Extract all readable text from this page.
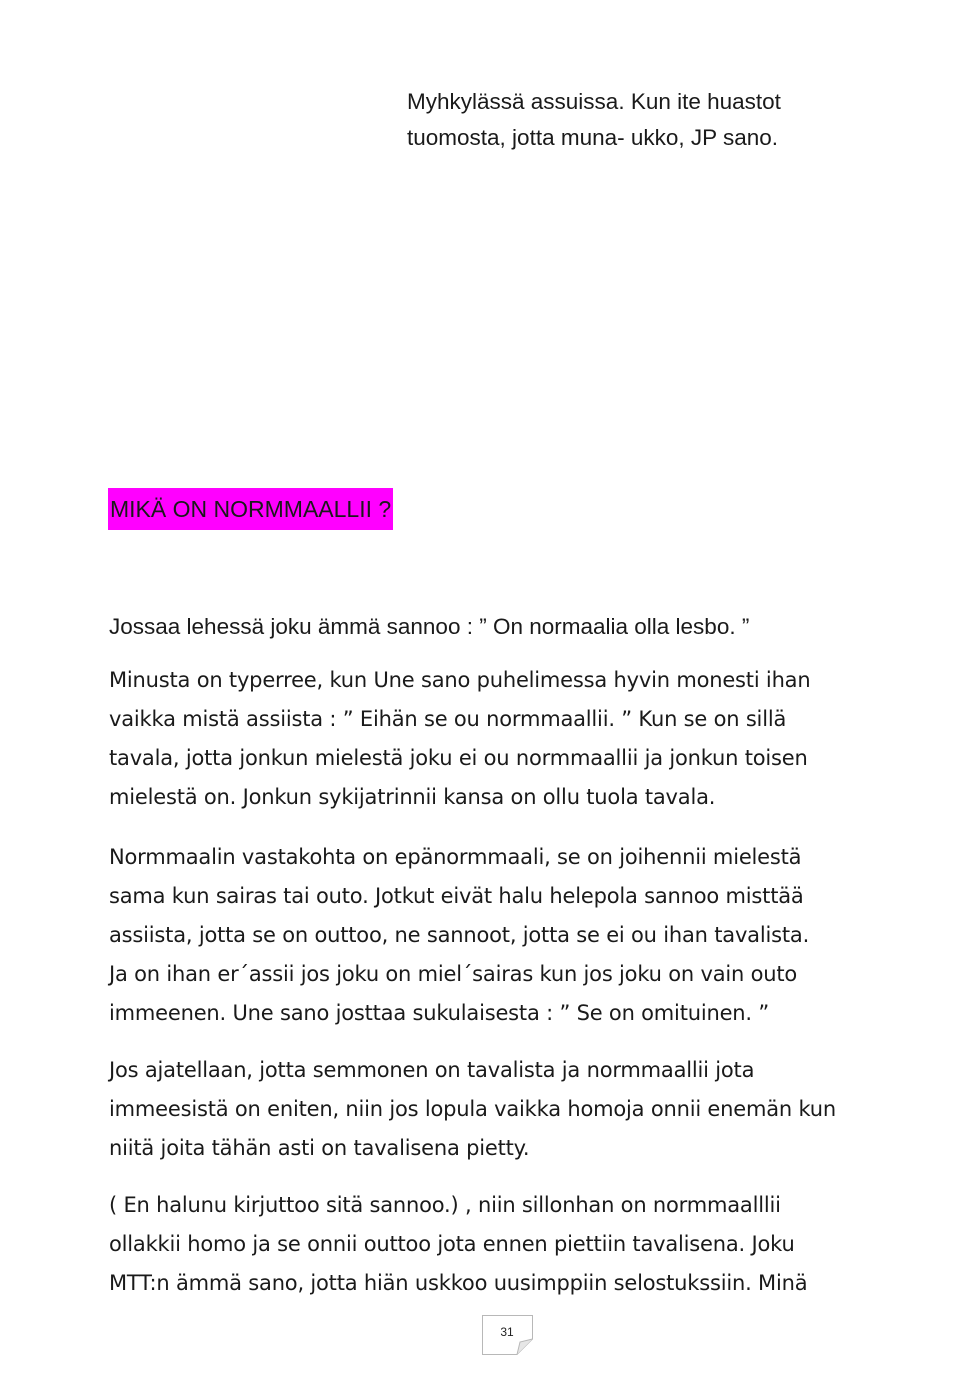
Myhkylässä assuissa. Kun ite huastot

tuomosta, jotta muna- ukko, JP sano.

MIKÄ ON NORMMAALLII ?

Jossaa lehessä joku ämmä sannoo : ” On normaalia olla lesbo. ”

Minusta on typerree, kun Une sano puhelimessa hyvin monesti ihan

vaikka mistä assiista : ” Eihän se ou normmaallii. ” Kun se on sillä

tavala, jotta jonkun mielestä joku ei ou normmaallii ja jonkun toisen

mielestä on. Jonkun sykijatrinnii kansa on ollu tuola tavala.

Normmaalin vastakohta on epänormmaali, se on joihennii mielestä

sama kun sairas tai outo. Jotkut eivät halu helepola sannoo misttää

assiista, jotta se on outtoo, ne sannoot, jotta se ei ou ihan tavalista.

Ja on ihan er´assii jos joku on miel´sairas kun jos joku on vain outo

immeenen. Une sano josttaa sukulaisesta : ” Se on omituinen. ”

Jos ajatellaan, jotta semmonen on tavalista ja normmaallii jota

immeesistä on eniten, niin jos lopula vaikka homoja onnii enemän kun

niitä joita tähän asti on tavalisena pietty.

( En halunu kirjuttoo sitä sannoo.) , niin sillonhan on normmaalllii

ollakkii homo ja se onnii outtoo jota ennen piettiin tavalisena. Joku

MTT:n ämmä sano, jotta hiän uskkoo uusimppiin selostukssiin. Minä

31
